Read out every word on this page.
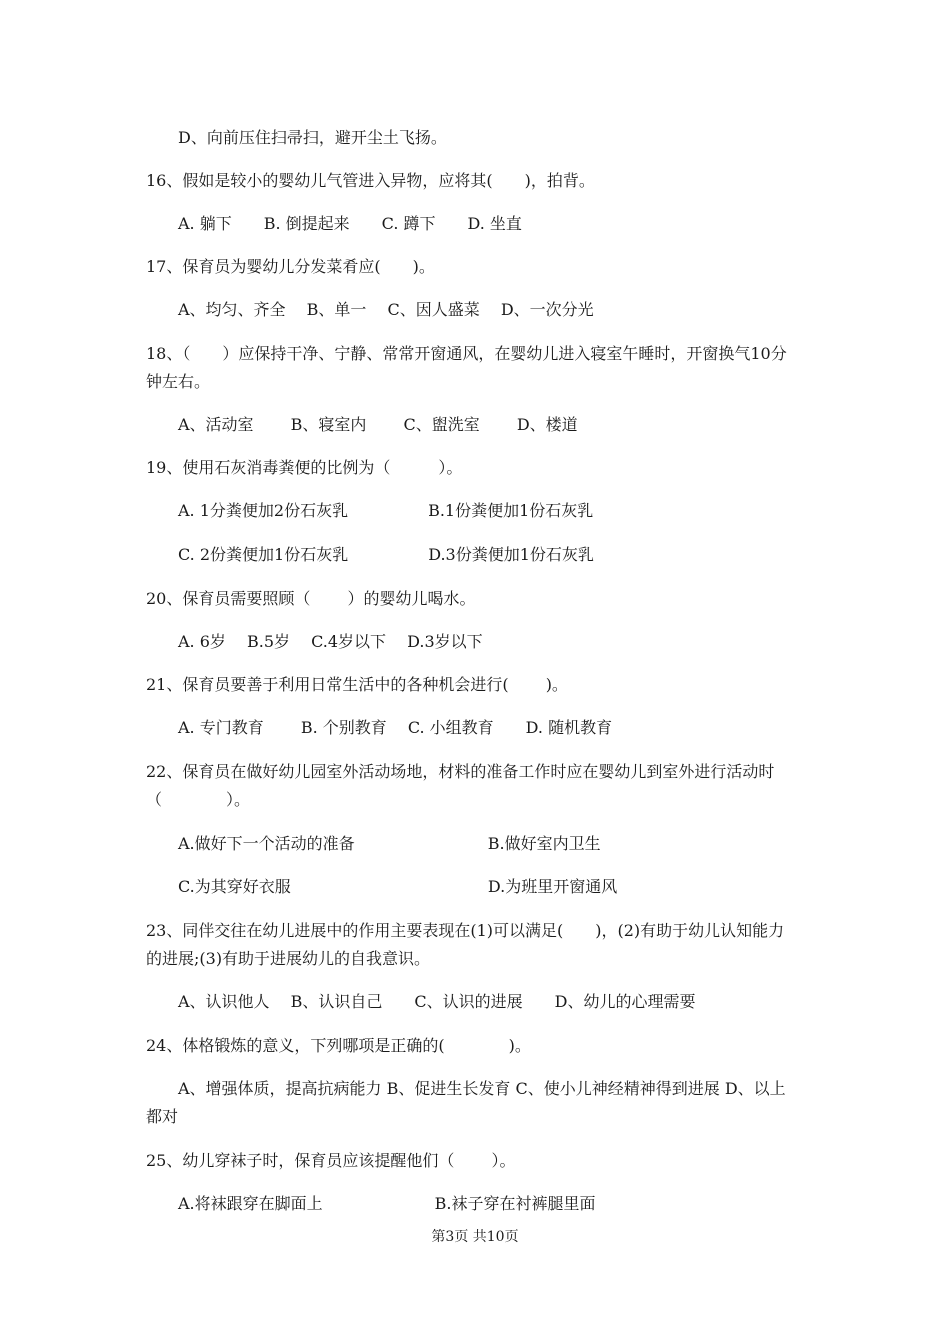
D、向前压住扫帚扫，避开尘土飞扬。
16、假如是较小的婴幼儿气管进入异物，应将其(　　)，拍背。
A. 躺下　　B. 倒提起来　　C. 蹲下　　D. 坐直
17、保育员为婴幼儿分发菜肴应(　　)。
A、均匀、齐全　 B、单一　 C、因人盛菜　 D、一次分光
18、（　　）应保持干净、宁静、常常开窗通风，在婴幼儿进入寝室午睡时，开窗换气10分
钟左右。
A、活动室　　 B、寝室内　　 C、盥洗室　　 D、楼道
19、使用石灰消毒粪便的比例为（　　　）。
A. 1分粪便加2份石灰乳　　　　　B.1份粪便加1份石灰乳
C. 2份粪便加1份石灰乳　　　　　D.3份粪便加1份石灰乳
20、保育员需要照顾（　　 ）的婴幼儿喝水。
A. 6岁　 B.5岁　 C.4岁以下　 D.3岁以下
21、保育员要善于利用日常生活中的各种机会进行(　　 )。
A. 专门教育　　 B. 个别教育　 C. 小组教育　　D. 随机教育
22、保育员在做好幼儿园室外活动场地，材料的准备工作时应在婴幼儿到室外进行活动时
（　　　　）。
A.做好下一个活动的准备　　　　　　　　 B.做好室内卫生
C.为其穿好衣服　　　　　　　　　　　　 D.为班里开窗通风
23、同伴交往在幼儿进展中的作用主要表现在(1)可以满足(　　)，(2)有助于幼儿认知能力
的进展;(3)有助于进展幼儿的自我意识。
A、认识他人　 B、认识自己　　C、认识的进展　　D、幼儿的心理需要
24、体格锻炼的意义，下列哪项是正确的(　　　　)。
A、增强体质，提高抗病能力 B、促进生长发育 C、使小儿神经精神得到进展 D、以上
都对
25、幼儿穿袜子时，保育员应该提醒他们（　　 ）。
A.将袜跟穿在脚面上　　　　　　　B.袜子穿在衬裤腿里面
第3页 共10页
